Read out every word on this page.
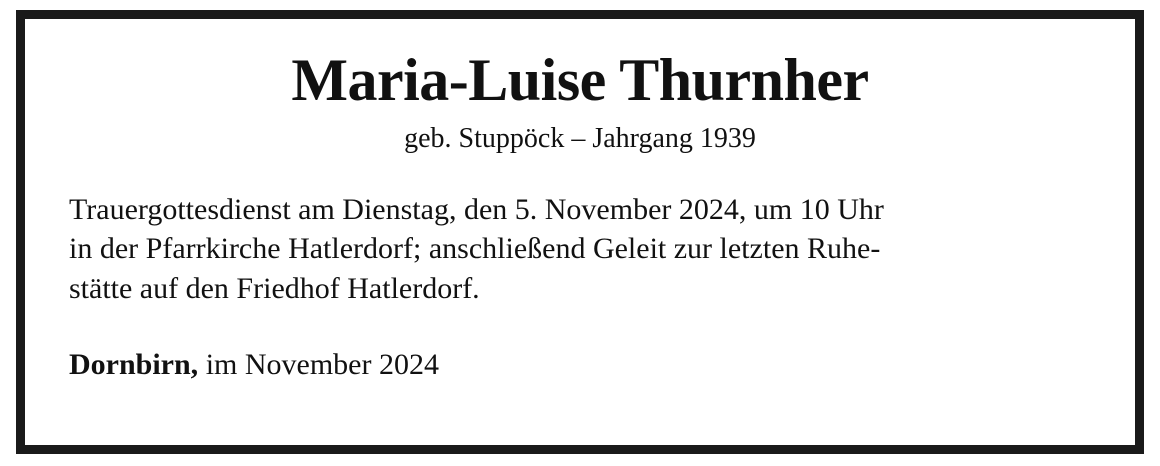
Maria-Luise Thurnher
geb. Stuppöck – Jahrgang 1939
Trauergottesdienst am Dienstag, den 5. November 2024, um 10 Uhr
in der Pfarrkirche Hatlerdorf; anschließend Geleit zur letzten Ruhe-
stätte auf den Friedhof Hatlerdorf.
Dornbirn, im November 2024
